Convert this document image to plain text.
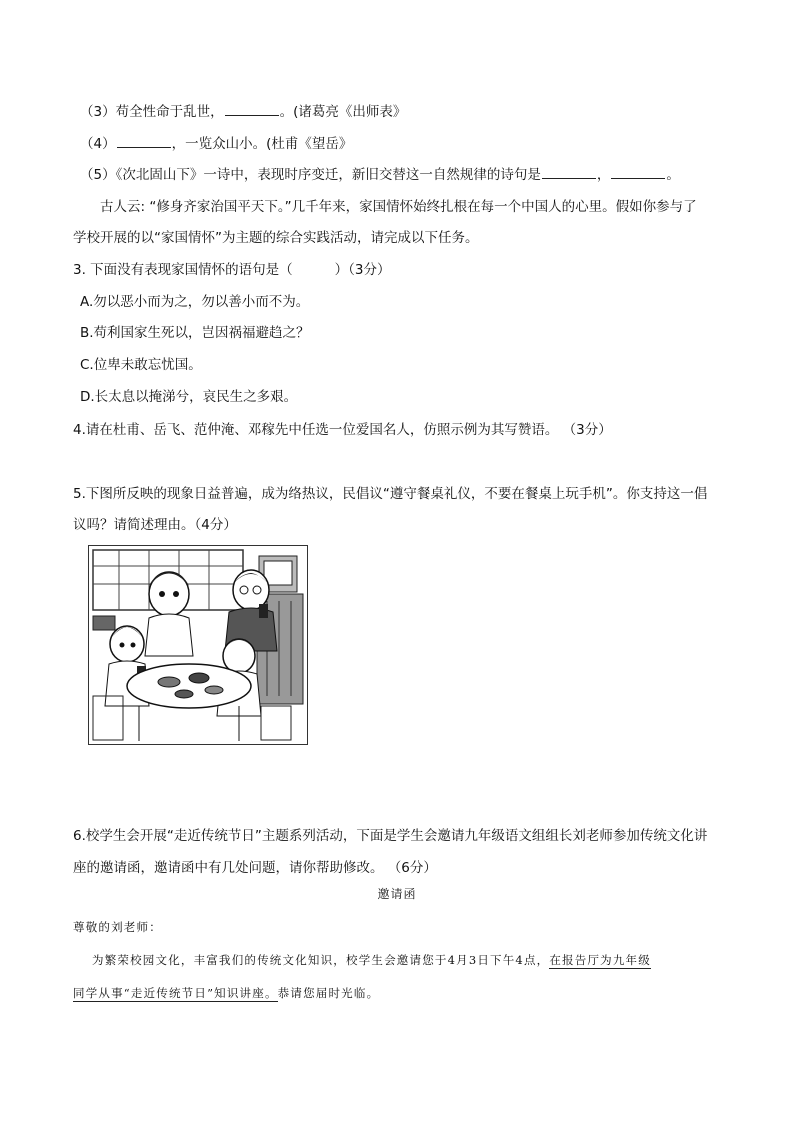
（3）苟全性命于乱世，	。(诸葛亮《出师表》
（4）	，一览众山小。(杜甫《望岳》
（5）《次北固山下》一诗中，表现时序变迁，新旧交替这一自然规律的诗句是	，	。
古人云: “修身齐家治国平天下。”几千年来，家国情怀始终扎根在每一个中国人的心里。假如你参与了
学校开展的以“家国情怀”为主题的综合实践活动，请完成以下任务。
3. 下面没有表现家国情怀的语句是（	）（3分）
A.勿以恶小而为之，勿以善小而不为。
B.苟利国家生死以，岂因祸福避趋之？
C.位卑未敢忘忧国。
D.长太息以掩涕兮，哀民生之多艰。
4.请在杜甫、岳飞、范仲淹、邓稼先中任选一位爱国名人，仿照示例为其写赞语。 （3分）
5.下图所反映的现象日益普遍，成为络热议，民倡议“遵守餐桌礼仪，不要在餐桌上玩手机”。你支持这一倡
议吗？请简述理由。（4分）
6.校学生会开展“走近传统节日”主题系列活动，下面是学生会邀请九年级语文组组长刘老师参加传统文化讲
座的邀请函，邀请函中有几处问题，请你帮助修改。 （6分）
邀请函
尊敬的刘老师：
为繁荣校园文化，丰富我们的传统文化知识，校学生会邀请您于4月3日下午4点，在报告厅为九年级
同学从事“走近传统节日”知识讲座。恭请您届时光临。
